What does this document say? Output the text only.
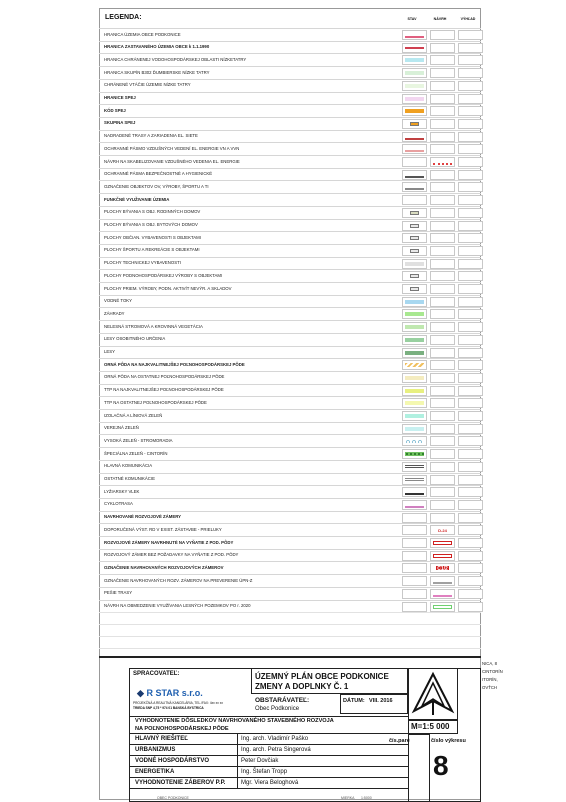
LEGENDA:	STAV	NÁVRH	VÝHĽAD
HRANICA ÚZEMIA OBCE PODKONICE
HRANICA ZASTAVANÉHO ÚZEMIA OBCE k 1.1.1990
HRANICA CHRÁNENEJ VODOHOSPODÁRSKEJ OBLASTI NÍZKETATRY
HRANICA SKUPÍN B302 ĎUMBIERSKE NÍZKE TATRY
CHRÁNENÉ VTÁČIE ÚZEMIE NÍZKE TATRY
HRANICE SPEJ
KÓD SPEJ
SKUPINA SPEJ
NADRADENÉ TRASY A ZARIADENIA EL. SIETE
OCHRANNÉ PÁSMO VZDUŠNÝCH VEDENÍ EL. ENERGIE VN A VVN
NÁVRH NA SKABELIZOVANIE VZDUŠNÉHO VEDENIA EL. ENERGIE
OCHRANNÉ PÁSMA BEZPEČNOSTNÉ A HYGIENICKÉ
OZNAČENIE OBJEKTOV OV, VÝROBY, ŠPORTU A TI
FUNKČNÉ VYUŽIVANIE ÚZEMIA
PLOCHY BÝVANIA S OBJ. RODINNÝCH DOMOV
PLOCHY BÝVANIA S OBJ. BYTOVÝCH DOMOV
PLOCHY OBČIAN. VYBAVENOSTI S OBJEKTAMI
PLOCHY ŠPORTU A REKREÁCIE S OBJEKTAMI
PLOCHY TECHNICKEJ VYBAVENOSTI
PLOCHY PODNOHOSPODÁRSKEJ VÝROBY S OBJEKTAMI
PLOCHY PRIEM. VÝROBY, PODN. AKTIVÍT NEVÝR. A SKLADOV
VODNÉ TOKY
ZÁHRADY
NELESNÁ STROMOVÁ A KROVINNÁ VEGETÁCIA
LESY OSOBITNÉHO URČENIA
LESY
ORNÁ PÔDA NA NAJKVALITNEJŠEJ POĽNOHOSPODÁRSKEJ PÔDE
ORNÁ PÔDA NA OSTATNEJ POĽNOHOSPODÁRSKEJ PÔDE
TTP NA NAJKVALITNEJŠEJ POĽNOHOSPODÁRSKEJ PÔDE
TTP NA OSTATNEJ POĽNOHOSPODÁRSKEJ PÔDE
IZOLAČNÁ A LÍNIOVÁ ZELEŇ
VEREJNÁ ZELEŇ
VYSOKÁ ZELEŇ - STROMORADIA
ŠPECIÁLNA ZELEŇ - CINTORÍN
HLAVNÁ KOMUNIKÁCIA
OSTATNÉ KOMUNIKÁCIE
LYŽIARSKY VLEK
CYKLOTRASA
NAVRHOVANÉ ROZVOJOVÉ ZÁMERY
DOPORUČENÁ VÝST. RD V EXIST. ZÁSTAVBE - PRIELUKY	D-24
ROZVOJOVÉ ZÁMERY NAVRHNUTÉ NA VYŇATIE Z POD. PÔDY
ROZVOJOVÝ ZÁMER BEZ POŽADAVKY NA VYŇATIE Z POD. PÔDY
OZNAČENIE NAVRHOVANÝCH ROZVOJOVÝCH ZÁMEROV	Č1/2
OZNAČENIE NAVRHOVANÝCH ROZV. ZÁMEROV NA PREVERENIE ÚPN-Z
PEŠIE TRASY
NÁVRH NA OBMEDZENIE VYUŽÍVANIA LESNÝCH POZEMKOV PO r. 2020
SPRACOVATEĽ:
◆ R STAR s.r.o.
PROJEKČNÁ A REALITNÁ KANCELÁRIA, TEL./FAX: 4xx xx xx
TRIEDA SNP 4,75 * 974 01 BANSKÁ BYSTRICA
ÚZEMNÝ PLÁN OBCE PODKONICE
ZMENY A DOPLNKY Č. 1
OBSTARÁVATEĽ:
Obec Podkonice
DÁTUM: VIII. 2016
VYHODNOTENIE DÔSLEDKOV NAVRHOVANÉHO STAVEBNÉHO ROZVOJA
NA POĽNOHOSPODÁRSKEJ PÔDE	M=1:5 000
HLAVNÝ RIEŠITEĽ	Ing. arch. Vladimír Paško
URBANIZMUS	Ing. arch. Petra Singerová
VODNÉ HOSPODÁRSTVO	Peter Dovčiak
ENERGETIKA	Ing. Štefan Tropp
VYHODNOTENIE ZÁBEROV P.P.	Mgr. Viera Beloghová
čís.paré	číslo výkresu
8
OBEC PODKONICE	MIERKA 1:5000
NICA, 8
CINTORÍN
ITORÍN,
OVŤCH
